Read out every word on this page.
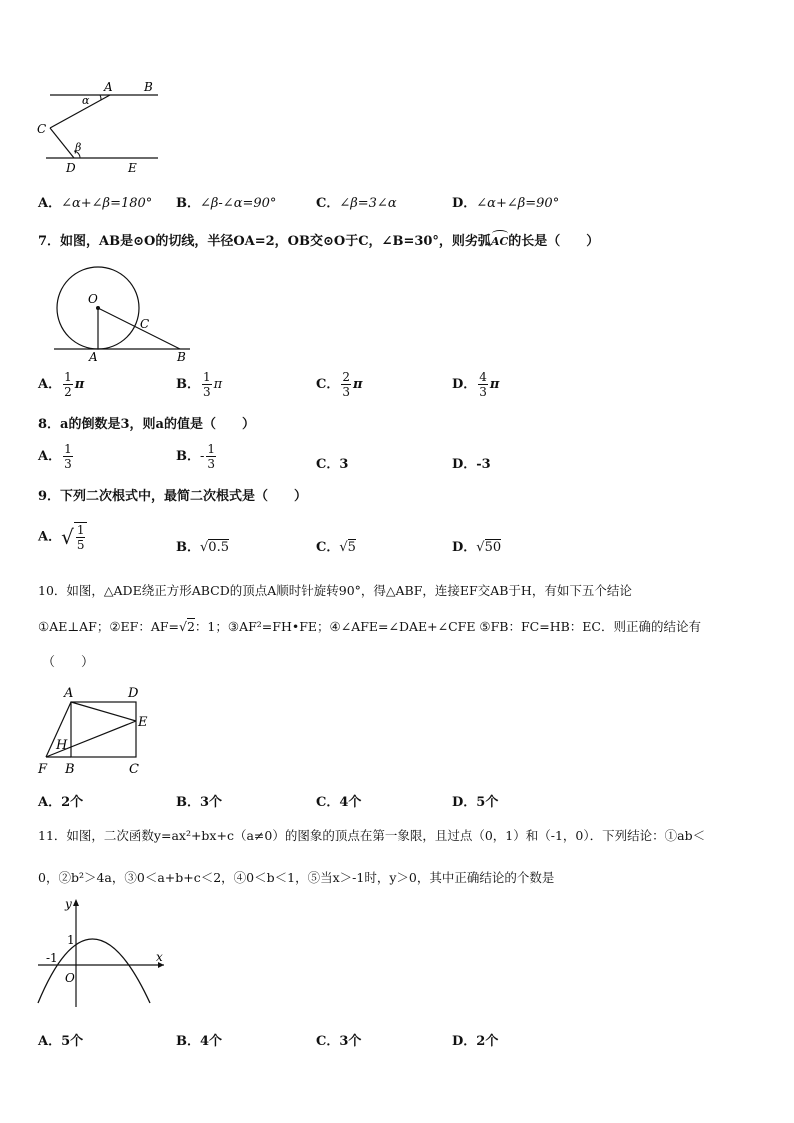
A	B
C
D	E
α
β
A．∠α+∠β=180° B．∠β-∠α=90°	C．∠β=3∠α	D．∠α+∠β=90°
7．如图，AB是⊙O的切线，半径OA=2，OB交⊙O于C，∠B=30°，则劣弧
AC的长是（　　）
O
C
A	B
A． $\frac{1}{2}$ π	B． $\frac{1}{3}$ π	C． $\frac{2}{3}$ π	D． $\frac{4}{3}$ π
8．a的倒数是3，则a的值是（　　）
A． $\frac{1}{3}$	B．- $\frac{1}{3}$	C．3	D．-3
9．下列二次根式中，最简二次根式是（　　）
A．√ $\frac{1}{5}$	B．√0.5	C．√5	D．√50
10．如图，△ADE绕正方形ABCD的顶点A顺时针旋转90°，得△ABF，连接EF交AB于H，有如下五个结论
①AE⊥AF；②EF：AF=√2：1；③AF²=FH•FE；④∠AFE=∠DAE+∠CFE ⑤FB：FC=HB：EC．则正确的结论有
（　　）
A	D
E
H
F B	C
A．2个	B．3个	C．4个	D．5个
11．如图，二次函数y=ax²+bx+c（a≠0）的图象的顶点在第一象限，且过点（0，1）和（-1，0）．下列结论：①ab＜
0，②b²＞4a，③0＜a+b+c＜2，④0＜b＜1，⑤当x＞-1时，y＞0，其中正确结论的个数是
y
x
1
-1
O
A．5个	B．4个	C．3个	D．2个
